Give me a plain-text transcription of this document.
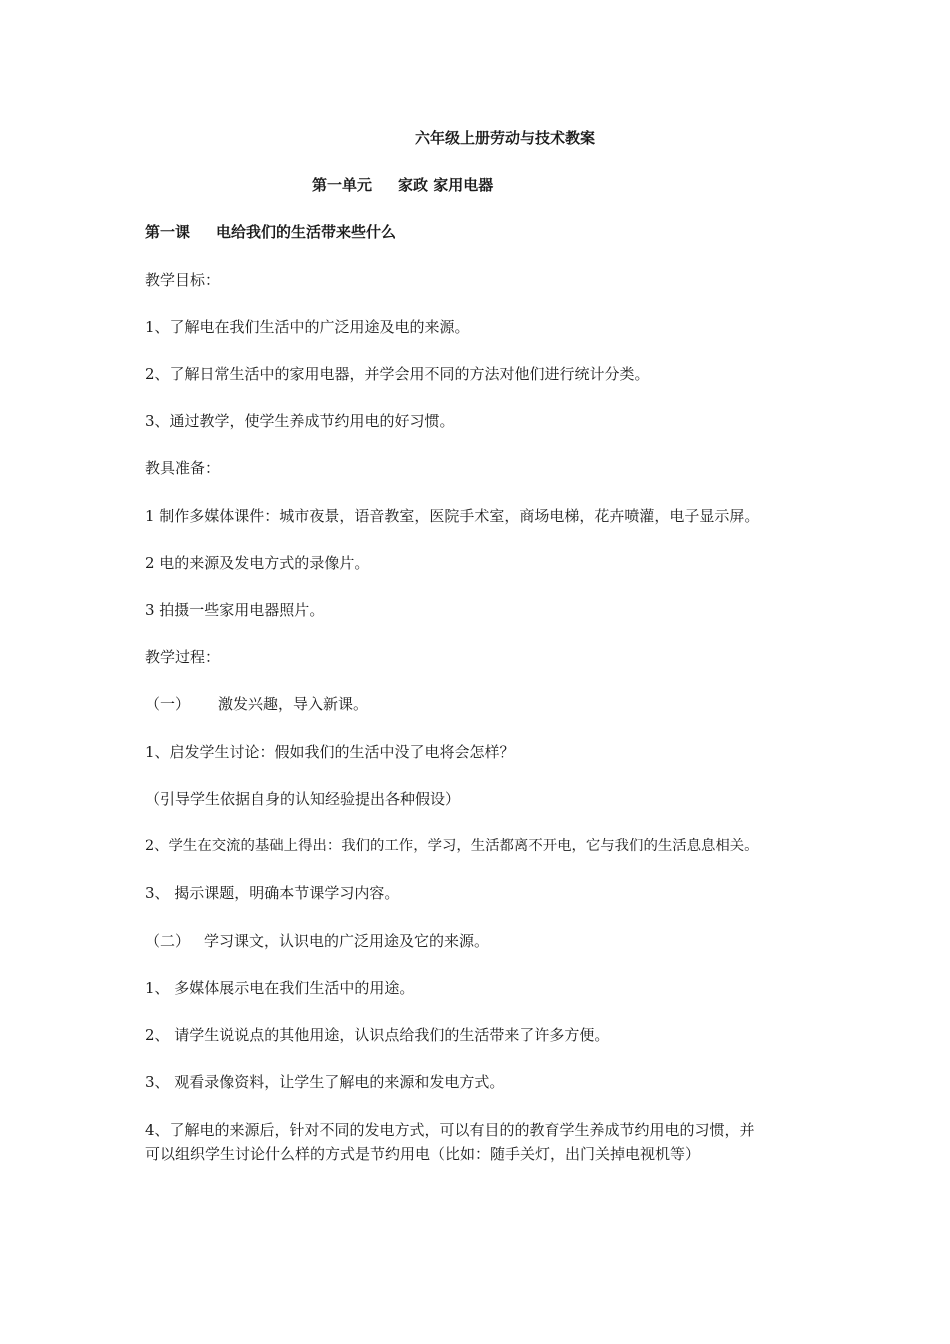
六年级上册劳动与技术教案
第一单元 家政 家用电器
第一课 电给我们的生活带来些什么
教学目标：
1、了解电在我们生活中的广泛用途及电的来源。
2、了解日常生活中的家用电器，并学会用不同的方法对他们进行统计分类。
3、通过教学，使学生养成节约用电的好习惯。
教具准备：
1 制作多媒体课件：城市夜景，语音教室，医院手术室，商场电梯，花卉喷灌，电子显示屏。
2 电的来源及发电方式的录像片。
3 拍摄一些家用电器照片。
教学过程：
（一） 激发兴趣，导入新课。
1、启发学生讨论：假如我们的生活中没了电将会怎样？
（引导学生依据自身的认知经验提出各种假设）
2、学生在交流的基础上得出：我们的工作，学习，生活都离不开电，它与我们的生活息息相关。
3、 揭示课题，明确本节课学习内容。
（二） 学习课文，认识电的广泛用途及它的来源。
1、 多媒体展示电在我们生活中的用途。
2、 请学生说说点的其他用途，认识点给我们的生活带来了许多方便。
3、 观看录像资料，让学生了解电的来源和发电方式。
4、了解电的来源后，针对不同的发电方式，可以有目的的教育学生养成节约用电的习惯，并
可以组织学生讨论什么样的方式是节约用电（比如：随手关灯，出门关掉电视机等）
